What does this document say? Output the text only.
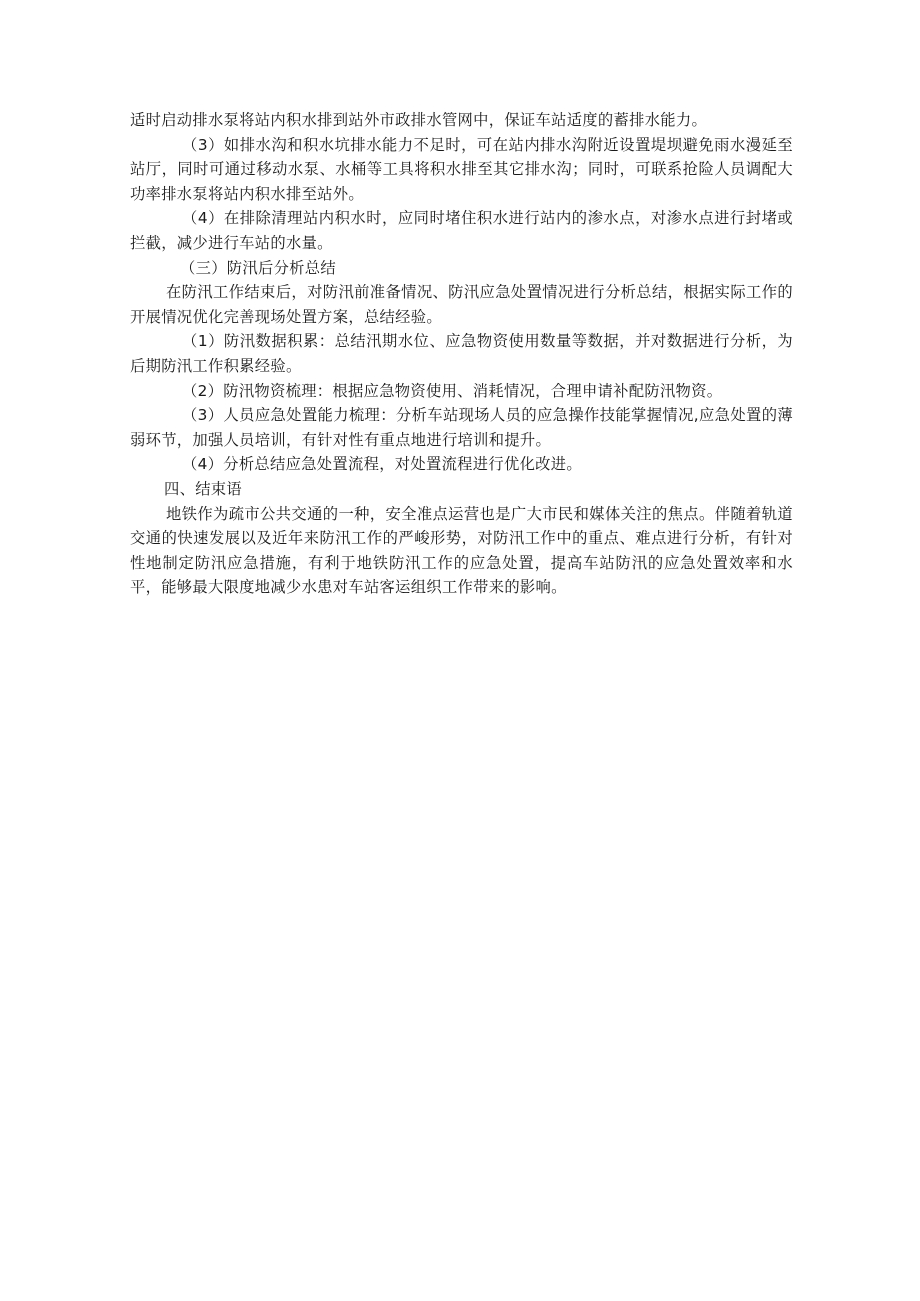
适时启动排水泵将站内积水排到站外市政排水管网中，保证车站适度的蓄排水能力。

（3）如排水沟和积水坑排水能力不足时，可在站内排水沟附近设置堤坝避免雨水漫延至站厅，同时可通过移动水泵、水桶等工具将积水排至其它排水沟；同时，可联系抢险人员调配大功率排水泵将站内积水排至站外。

（4）在排除清理站内积水时，应同时堵住积水进行站内的渗水点，对渗水点进行封堵或拦截，减少进行车站的水量。

（三）防汛后分析总结

在防汛工作结束后，对防汛前准备情况、防汛应急处置情况进行分析总结，根据实际工作的开展情况优化完善现场处置方案，总结经验。

（1）防汛数据积累：总结汛期水位、应急物资使用数量等数据，并对数据进行分析，为后期防汛工作积累经验。

（2）防汛物资梳理：根据应急物资使用、消耗情况，合理申请补配防汛物资。

（3）人员应急处置能力梳理：分析车站现场人员的应急操作技能掌握情况,应急处置的薄弱环节，加强人员培训，有针对性有重点地进行培训和提升。

（4）分析总结应急处置流程，对处置流程进行优化改进。

四、结束语

地铁作为疏市公共交通的一种，安全准点运营也是广大市民和媒体关注的焦点。伴随着轨道交通的快速发展以及近年来防汛工作的严峻形势，对防汛工作中的重点、难点进行分析，有针对性地制定防汛应急措施，有利于地铁防汛工作的应急处置，提高车站防汛的应急处置效率和水平，能够最大限度地减少水患对车站客运组织工作带来的影响。
